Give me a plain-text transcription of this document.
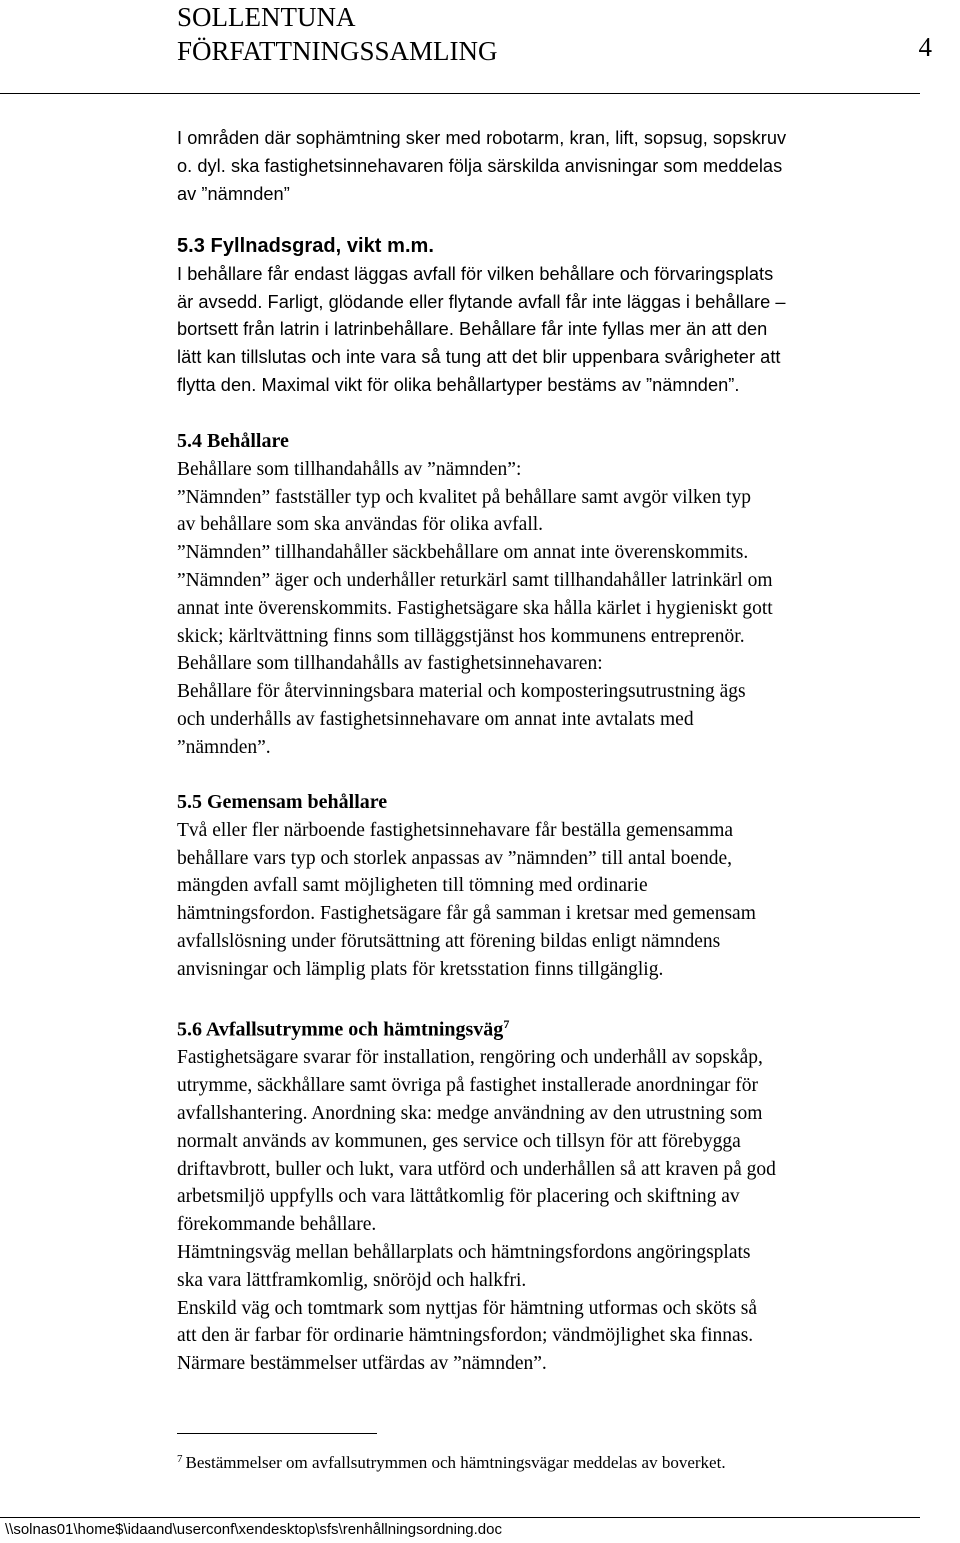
SOLLENTUNA
FÖRFATTNINGSSAMLING	4

I områden där sophämtning sker med robotarm, kran, lift, sopsug, sopskruv

o. dyl. ska fastighetsinnehavaren följa särskilda anvisningar som meddelas

av ”nämnden”

5.3 Fyllnadsgrad, vikt m.m.

I behållare får endast läggas avfall för vilken behållare och förvaringsplats

är avsedd. Farligt, glödande eller flytande avfall får inte läggas i behållare –

bortsett från latrin i latrinbehållare. Behållare får inte fyllas mer än att den

lätt kan tillslutas och inte vara så tung att det blir uppenbara svårigheter att

flytta den. Maximal vikt för olika behållartyper bestäms av ”nämnden”.

5.4 Behållare

Behållare som tillhandahålls av ”nämnden”:

”Nämnden” fastställer typ och kvalitet på behållare samt avgör vilken typ

av behållare som ska användas för olika avfall.

”Nämnden” tillhandahåller säckbehållare om annat inte överenskommits.

”Nämnden” äger och underhåller returkärl samt tillhandahåller latrinkärl om

annat inte överenskommits. Fastighetsägare ska hålla kärlet i hygieniskt gott

skick; kärltvättning finns som tilläggstjänst hos kommunens entreprenör.

Behållare som tillhandahålls av fastighetsinnehavaren:

Behållare för återvinningsbara material och komposteringsutrustning ägs

och underhålls av fastighetsinnehavare om annat inte avtalats med

”nämnden”.

5.5 Gemensam behållare

Två eller fler närboende fastighetsinnehavare får beställa gemensamma

behållare vars typ och storlek anpassas av ”nämnden” till antal boende,

mängden avfall samt möjligheten till tömning med ordinarie

hämtningsfordon. Fastighetsägare får gå samman i kretsar med gemensam

avfallslösning under förutsättning att förening bildas enligt nämndens

anvisningar och lämplig plats för kretsstation finns tillgänglig.

5.6 Avfallsutrymme och hämtningsväg$^7$

Fastighetsägare svarar för installation, rengöring och underhåll av sopskåp,

utrymme, säckhållare samt övriga på fastighet installerade anordningar för

avfallshantering. Anordning ska: medge användning av den utrustning som

normalt används av kommunen, ges service och tillsyn för att förebygga

driftavbrott, buller och lukt, vara utförd och underhållen så att kraven på god

arbetsmiljö uppfylls och vara lättåtkomlig för placering och skiftning av

förekommande behållare.

Hämtningsväg mellan behållarplats och hämtningsfordons angöringsplats

ska vara lättframkomlig, snöröjd och halkfri.

Enskild väg och tomtmark som nyttjas för hämtning utformas och sköts så

att den är farbar för ordinarie hämtningsfordon; vändmöjlighet ska finnas.

Närmare bestämmelser utfärdas av ”nämnden”.

$^7$ Bestämmelser om avfallsutrymmen och hämtningsvägar meddelas av boverket.
\\solnas01\home$\idaand\userconf\xendesktop\sfs\renhållningsordning.doc
